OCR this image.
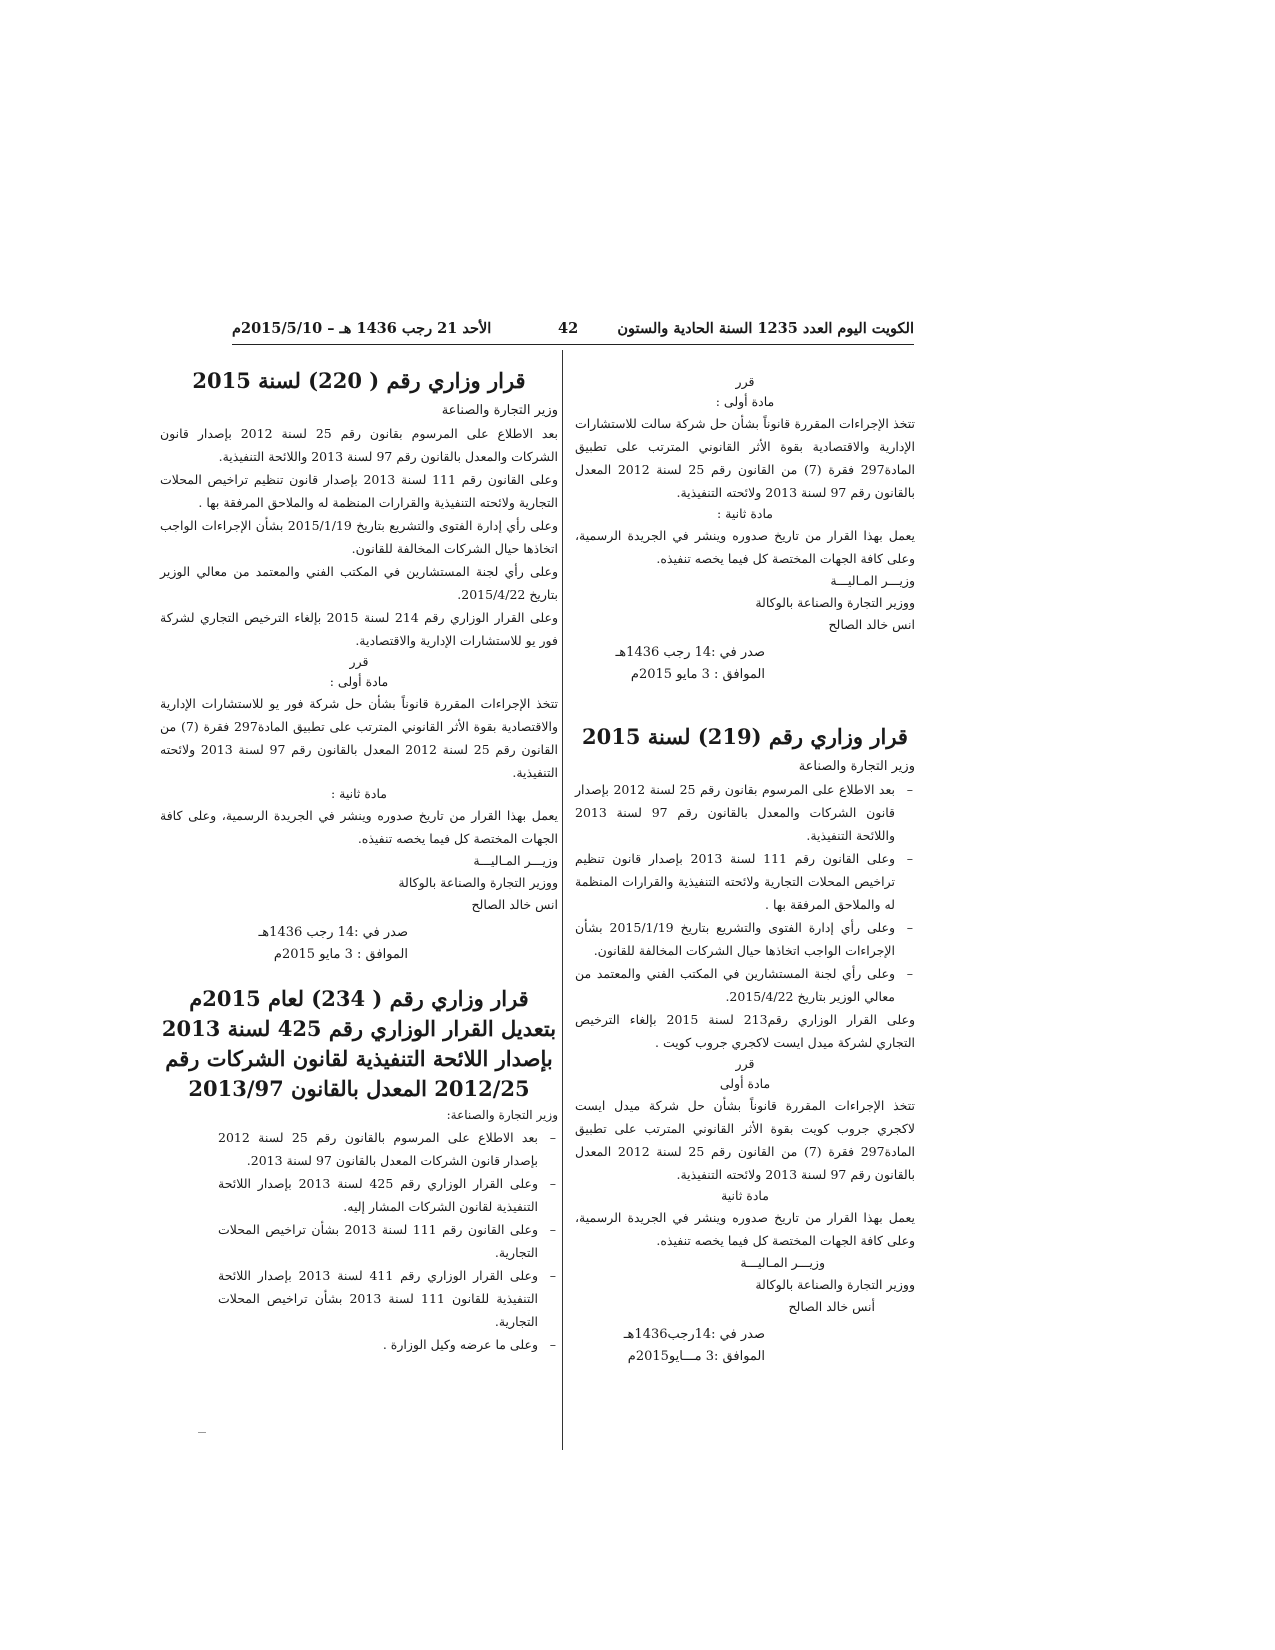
الكويت اليوم العدد 1235 السنة الحادية والستون
42
الأحد 21 رجب 1436 هـ – 2015/5/10م

قرر

مادة أولى :

تتخذ الإجراءات المقررة قانوناً بشأن حل شركة سالت للاستشارات الإدارية والاقتصادية بقوة الأثر القانوني المترتب على تطبيق المادة297 فقرة (7) من القانون رقم 25 لسنة 2012 المعدل بالقانون رقم 97 لسنة 2013 ولائحته التنفيذية.

مادة ثانية :

يعمل بهذا القرار من تاريخ صدوره وينشر في الجريدة الرسمية، وعلى كافة الجهات المختصة كل فيما يخصه تنفيذه.

وزيـــر المـاليـــة

ووزير التجارة والصناعة بالوكالة

انس خالد الصالح

صدر في :14 رجب 1436هـ

الموافق : 3 مايو 2015م

قرار وزاري رقم (219) لسنة 2015

وزير التجارة والصناعة

– بعد الاطلاع على المرسوم بقانون رقم 25 لسنة 2012 بإصدار قانون الشركات والمعدل بالقانون رقم 97 لسنة 2013 واللائحة التنفيذية.
– وعلى القانون رقم 111 لسنة 2013 بإصدار قانون تنظيم تراخيص المحلات التجارية ولائحته التنفيذية والقرارات المنظمة له والملاحق المرفقة بها .
– وعلى رأي إدارة الفتوى والتشريع بتاريخ 2015/1/19 بشأن الإجراءات الواجب اتخاذها حيال الشركات المخالفة للقانون.
– وعلى رأي لجنة المستشارين في المكتب الفني والمعتمد من معالي الوزير بتاريخ 2015/4/22.

وعلى القرار الوزاري رقم213 لسنة 2015 بإلغاء الترخيص التجاري لشركة ميدل ايست لاكجري جروب كويت .

قرر

مادة أولى

تتخذ الإجراءات المقررة قانوناً بشأن حل شركة ميدل ايست لاكجري جروب كويت بقوة الأثر القانوني المترتب على تطبيق المادة297 فقرة (7) من القانون رقم 25 لسنة 2012 المعدل بالقانون رقم 97 لسنة 2013 ولائحته التنفيذية.

مادة ثانية

يعمل بهذا القرار من تاريخ صدوره وينشر في الجريدة الرسمية، وعلى كافة الجهات المختصة كل فيما يخصه تنفيذه.

وزيـــر المـاليـــة

ووزير التجارة والصناعة بالوكالة

أنس خالد الصالح

صدر في :14رجب1436هـ

الموافق :3 مـــايو2015م

قرار وزاري رقم ( 220) لسنة 2015

وزير التجارة والصناعة

بعد الاطلاع على المرسوم بقانون رقم 25 لسنة 2012 بإصدار قانون الشركات والمعدل بالقانون رقم 97 لسنة 2013 واللائحة التنفيذية.

وعلى القانون رقم 111 لسنة 2013 بإصدار قانون تنظيم تراخيص المحلات التجارية ولائحته التنفيذية والقرارات المنظمة له والملاحق المرفقة بها .

وعلى رأي إدارة الفتوى والتشريع بتاريخ 2015/1/19 بشأن الإجراءات الواجب اتخاذها حيال الشركات المخالفة للقانون.

وعلى رأي لجنة المستشارين في المكتب الفني والمعتمد من معالي الوزير بتاريخ 2015/4/22.

وعلى القرار الوزاري رقم 214 لسنة 2015 بإلغاء الترخيص التجاري لشركة فور يو للاستشارات الإدارية والاقتصادية.

قرر

مادة أولى :

تتخذ الإجراءات المقررة قانوناً بشأن حل شركة فور يو للاستشارات الإدارية والاقتصادية بقوة الأثر القانوني المترتب على تطبيق المادة297 فقرة (7) من القانون رقم 25 لسنة 2012 المعدل بالقانون رقم 97 لسنة 2013 ولائحته التنفيذية.

مادة ثانية :

يعمل بهذا القرار من تاريخ صدوره وينشر في الجريدة الرسمية، وعلى كافة الجهات المختصة كل فيما يخصه تنفيذه.

وزيـــر المـاليـــة

ووزير التجارة والصناعة بالوكالة

انس خالد الصالح

صدر في :14 رجب 1436هـ

الموافق : 3 مايو 2015م

قرار وزاري رقم ( 234) لعام 2015م

بتعديل القرار الوزاري رقم 425 لسنة 2013

بإصدار اللائحة التنفيذية لقانون الشركات رقم

2012/25 المعدل بالقانون 2013/97

وزير التجارة والصناعة:

– بعد الاطلاع على المرسوم بالقانون رقم 25 لسنة 2012 بإصدار قانون الشركات المعدل بالقانون 97 لسنة 2013.
– وعلى القرار الوزاري رقم 425 لسنة 2013 بإصدار اللائحة التنفيذية لقانون الشركات المشار إليه.
– وعلى القانون رقم 111 لسنة 2013 بشأن تراخيص المحلات التجارية.
– وعلى القرار الوزاري رقم 411 لسنة 2013 بإصدار اللائحة التنفيذية للقانون 111 لسنة 2013 بشأن تراخيص المحلات التجارية.
– وعلى ما عرضه وكيل الوزارة .
